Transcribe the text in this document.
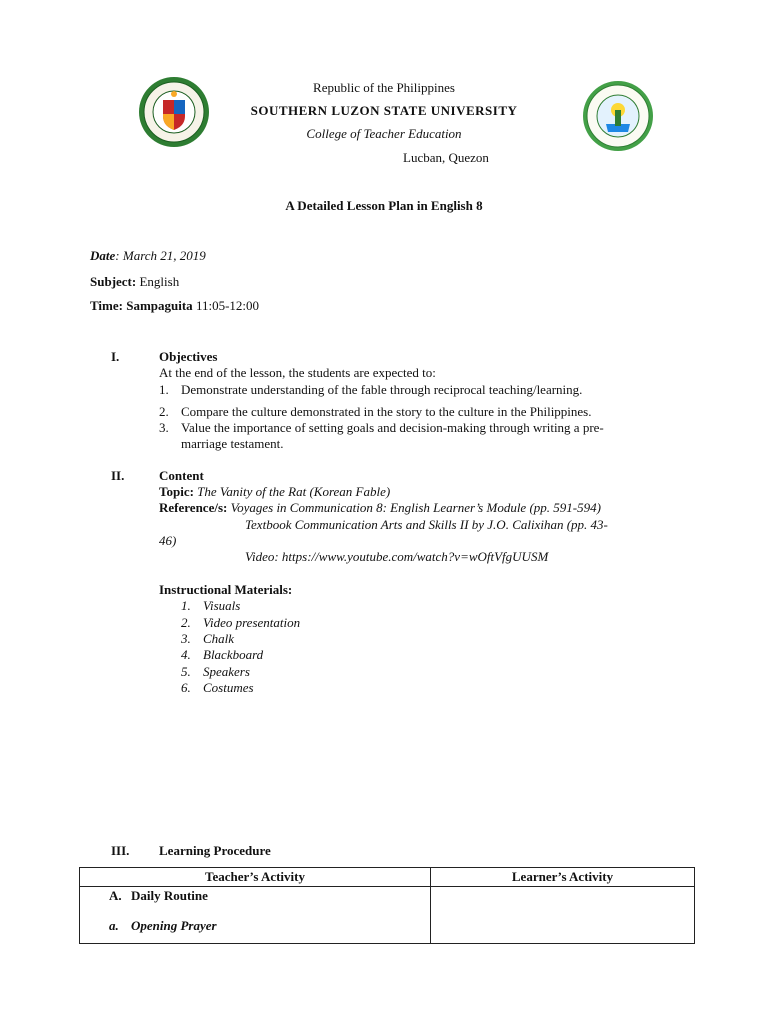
Republic of the Philippines
SOUTHERN LUZON STATE UNIVERSITY
College of Teacher Education
Lucban, Quezon
A Detailed Lesson Plan in English 8
Date: March 21, 2019
Subject: English
Time: Sampaguita 11:05-12:00
I.	Objectives
At the end of the lesson, the students are expected to:
1. Demonstrate understanding of the fable through reciprocal teaching/learning.
2. Compare the culture demonstrated in the story to the culture in the Philippines.
3. Value the importance of setting goals and decision-making through writing a pre-
marriage testament.
II.	Content
Topic: The Vanity of the Rat (Korean Fable)
Reference/s: Voyages in Communication 8: English Learner’s Module (pp. 591-594)
Textbook Communication Arts and Skills II by J.O. Calixihan (pp. 43-
46)
Video: https://www.youtube.com/watch?v=wOftVfgUUSM
Instructional Materials:
1. Visuals
2. Video presentation
3. Chalk
4. Blackboard
5. Speakers
6. Costumes
III. Learning Procedure
Teacher’s Activity	Learner’s Activity

A. Daily Routine
a. Opening Prayer	
